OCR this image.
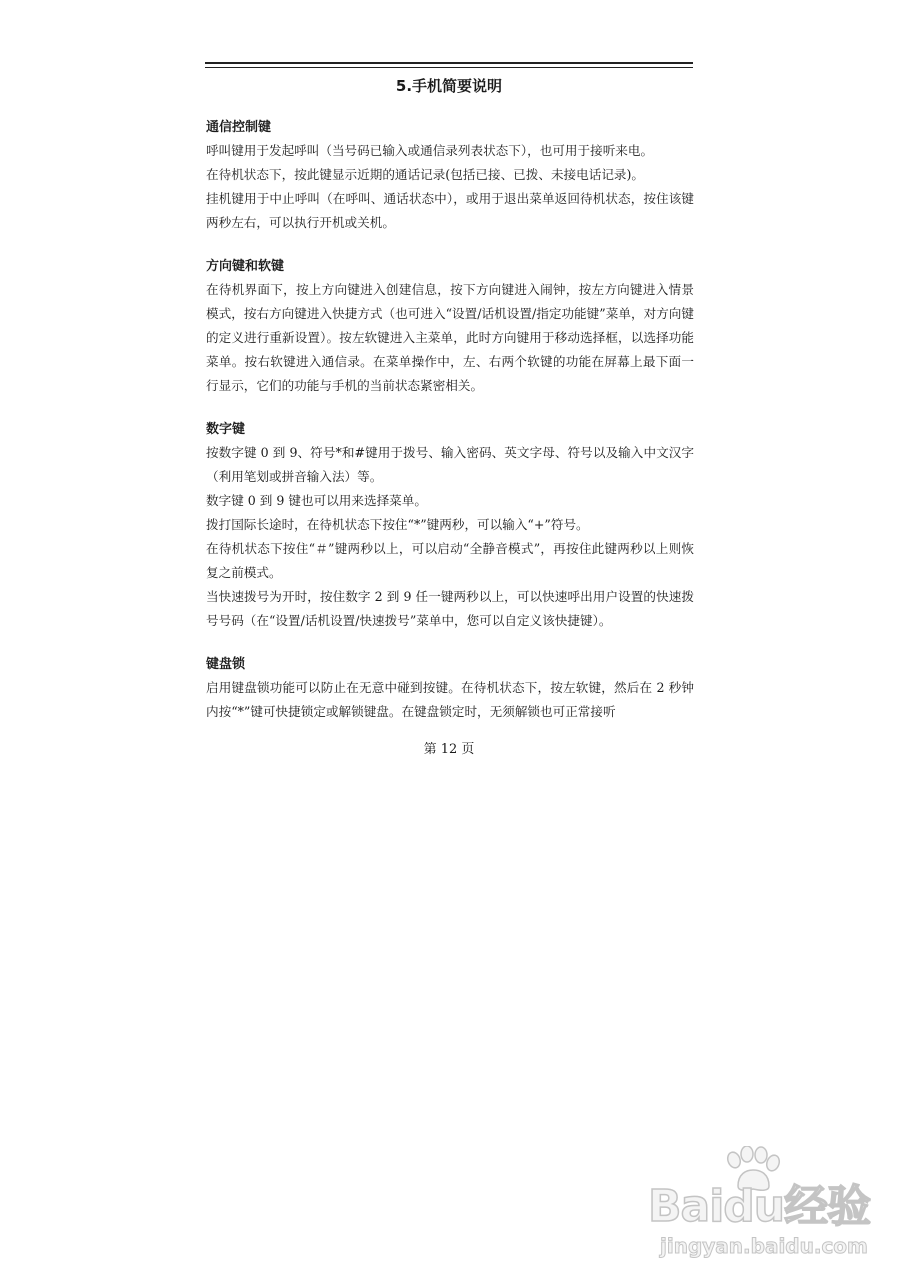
5.手机简要说明

通信控制键

呼叫键用于发起呼叫（当号码已输入或通信录列表状态下），也可用于接听来电。

在待机状态下，按此键显示近期的通话记录(包括已接、已拨、未接电话记录)。

挂机键用于中止呼叫（在呼叫、通话状态中），或用于退出菜单返回待机状态，按住该键两秒左右，可以执行开机或关机。

方向键和软键

在待机界面下，按上方向键进入创建信息，按下方向键进入闹钟，按左方向键进入情景模式，按右方向键进入快捷方式（也可进入“设置/话机设置/指定功能键”菜单，对方向键的定义进行重新设置）。按左软键进入主菜单，此时方向键用于移动选择框，以选择功能菜单。按右软键进入通信录。在菜单操作中，左、右两个软键的功能在屏幕上最下面一行显示，它们的功能与手机的当前状态紧密相关。

数字键

按数字键 0 到 9、符号*和#键用于拨号、输入密码、英文字母、符号以及输入中文汉字（利用笔划或拼音输入法）等。

数字键 0 到 9 键也可以用来选择菜单。

拨打国际长途时，在待机状态下按住“*”键两秒，可以输入“+”符号。

在待机状态下按住“＃”键两秒以上，可以启动“全静音模式”，再按住此键两秒以上则恢复之前模式。

当快速拨号为开时，按住数字 2 到 9 任一键两秒以上，可以快速呼出用户设置的快速拨号号码（在“设置/话机设置/快速拨号”菜单中，您可以自定义该快捷键）。

键盘锁

启用键盘锁功能可以防止在无意中碰到按键。在待机状态下，按左软键，然后在 2 秒钟内按“*”键可快捷锁定或解锁键盘。在键盘锁定时，无须解锁也可正常接听

第 12 页
Baidu经验
jingyan.baidu.com
